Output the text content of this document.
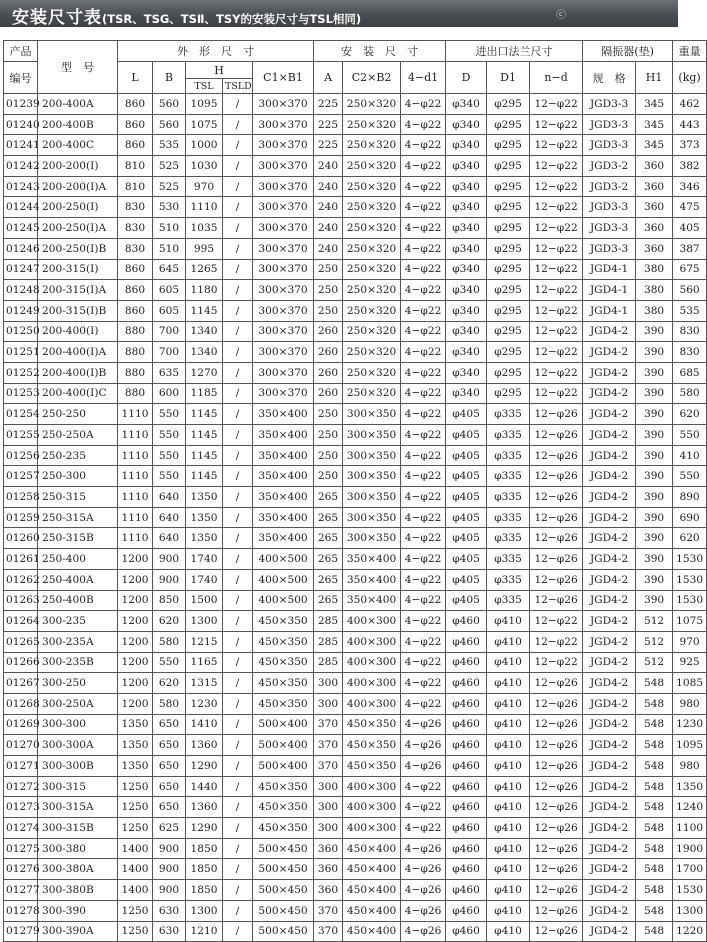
安装尺寸表(TSR、TSG、TSⅡ、TSY的安装尺寸与TSL相同)	ⓒ
产品	型　号	外　形　尺　寸					安　装　尺　寸			进出口法兰尺寸			隔振器(垫)		重量
编号		L	B	H		C1×B1	A	C2×B2	4−d1	D	D1	n−d	规　格	H1	(kg)
				TSL	TSLD										
01239	200-400A	860	560	1095	/	300×370	225	250×320	4−φ22	φ340	φ295	12−φ22	JGD3-3	345	462
01240	200-400B	860	560	1075	/	300×370	225	250×320	4−φ22	φ340	φ295	12−φ22	JGD3-3	345	443
01241	200-400C	860	535	1000	/	300×370	225	250×320	4−φ22	φ340	φ295	12−φ22	JGD3-3	345	373
01242	200-200(I)	810	525	1030	/	300×370	240	250×320	4−φ22	φ340	φ295	12−φ22	JGD3-2	360	382
01243	200-200(I)A	810	525	970	/	300×370	240	250×320	4−φ22	φ340	φ295	12−φ22	JGD3-2	360	346
01244	200-250(I)	830	530	1110	/	300×370	240	250×320	4−φ22	φ340	φ295	12−φ22	JGD3-3	360	475
01245	200-250(I)A	830	510	1035	/	300×370	240	250×320	4−φ22	φ340	φ295	12−φ22	JGD3-3	360	405
01246	200-250(I)B	830	510	995	/	300×370	240	250×320	4−φ22	φ340	φ295	12−φ22	JGD3-3	360	387
01247	200-315(I)	860	645	1265	/	300×370	250	250×320	4−φ22	φ340	φ295	12−φ22	JGD4-1	380	675
01248	200-315(I)A	860	605	1180	/	300×370	250	250×320	4−φ22	φ340	φ295	12−φ22	JGD4-1	380	560
01249	200-315(I)B	860	605	1145	/	300×370	250	250×320	4−φ22	φ340	φ295	12−φ22	JGD4-1	380	535
01250	200-400(I)	880	700	1340	/	300×370	260	250×320	4−φ22	φ340	φ295	12−φ22	JGD4-2	390	830
01251	200-400(I)A	880	700	1340	/	300×370	260	250×320	4−φ22	φ340	φ295	12−φ22	JGD4-2	390	830
01252	200-400(I)B	880	635	1270	/	300×370	260	250×320	4−φ22	φ340	φ295	12−φ22	JGD4-2	390	685
01253	200-400(I)C	880	600	1185	/	300×370	260	250×320	4−φ22	φ340	φ295	12−φ22	JGD4-2	390	580
01254	250-250	1110	550	1145	/	350×400	250	300×350	4−φ22	φ405	φ335	12−φ26	JGD4-2	390	620
01255	250-250A	1110	550	1145	/	350×400	250	300×350	4−φ22	φ405	φ335	12−φ26	JGD4-2	390	550
01256	250-235	1110	550	1145	/	350×400	250	300×350	4−φ22	φ405	φ335	12−φ26	JGD4-2	390	410
01257	250-300	1110	550	1145	/	350×400	250	300×350	4−φ22	φ405	φ335	12−φ26	JGD4-2	390	550
01258	250-315	1110	640	1350	/	350×400	265	300×350	4−φ22	φ405	φ335	12−φ26	JGD4-2	390	890
01259	250-315A	1110	640	1350	/	350×400	265	300×350	4−φ22	φ405	φ335	12−φ26	JGD4-2	390	690
01260	250-315B	1110	640	1350	/	350×400	265	300×350	4−φ22	φ405	φ335	12−φ26	JGD4-2	390	620
01261	250-400	1200	900	1740	/	400×500	265	350×400	4−φ22	φ405	φ335	12−φ26	JGD4-2	390	1530
01262	250-400A	1200	900	1740	/	400×500	265	350×400	4−φ22	φ405	φ335	12−φ26	JGD4-2	390	1530
01263	250-400B	1200	850	1500	/	400×500	265	350×400	4−φ22	φ405	φ335	12−φ26	JGD4-2	390	1530
01264	300-235	1200	620	1300	/	450×350	285	400×300	4−φ22	φ460	φ410	12−φ22	JGD4-2	512	1075
01265	300-235A	1200	580	1215	/	450×350	285	400×300	4−φ22	φ460	φ410	12−φ22	JGD4-2	512	970
01266	300-235B	1200	550	1165	/	450×350	285	400×300	4−φ22	φ460	φ410	12−φ22	JGD4-2	512	925
01267	300-250	1200	620	1315	/	450×350	300	400×300	4−φ22	φ460	φ410	12−φ26	JGD4-2	548	1085
01268	300-250A	1200	580	1230	/	450×350	300	400×300	4−φ22	φ460	φ410	12−φ26	JGD4-2	548	980
01269	300-300	1350	650	1410	/	500×400	370	450×350	4−φ26	φ460	φ410	12−φ26	JGD4-2	548	1230
01270	300-300A	1350	650	1360	/	500×400	370	450×350	4−φ26	φ460	φ410	12−φ26	JGD4-2	548	1095
01271	300-300B	1350	650	1290	/	500×400	370	450×350	4−φ26	φ460	φ410	12−φ26	JGD4-2	548	980
01272	300-315	1250	650	1440	/	450×350	300	400×300	4−φ22	φ460	φ410	12−φ26	JGD4-2	548	1350
01273	300-315A	1250	650	1360	/	450×350	300	400×300	4−φ22	φ460	φ410	12−φ26	JGD4-2	548	1240
01274	300-315B	1250	625	1290	/	450×350	300	400×300	4−φ22	φ460	φ410	12−φ26	JGD4-2	548	1100
01275	300-380	1400	900	1850	/	500×450	360	450×400	4−φ26	φ460	φ410	12−φ26	JGD4-2	548	1900
01276	300-380A	1400	900	1850	/	500×450	360	450×400	4−φ26	φ460	φ410	12−φ26	JGD4-2	548	1700
01277	300-380B	1400	900	1850	/	500×450	360	450×400	4−φ26	φ460	φ410	12−φ26	JGD4-2	548	1530
01278	300-390	1250	630	1300	/	500×450	370	450×400	4−φ26	φ460	φ410	12−φ26	JGD4-2	548	1300
01279	300-390A	1250	630	1210	/	500×450	370	450×400	4−φ26	φ460	φ410	12−φ26	JGD4-2	548	1220
